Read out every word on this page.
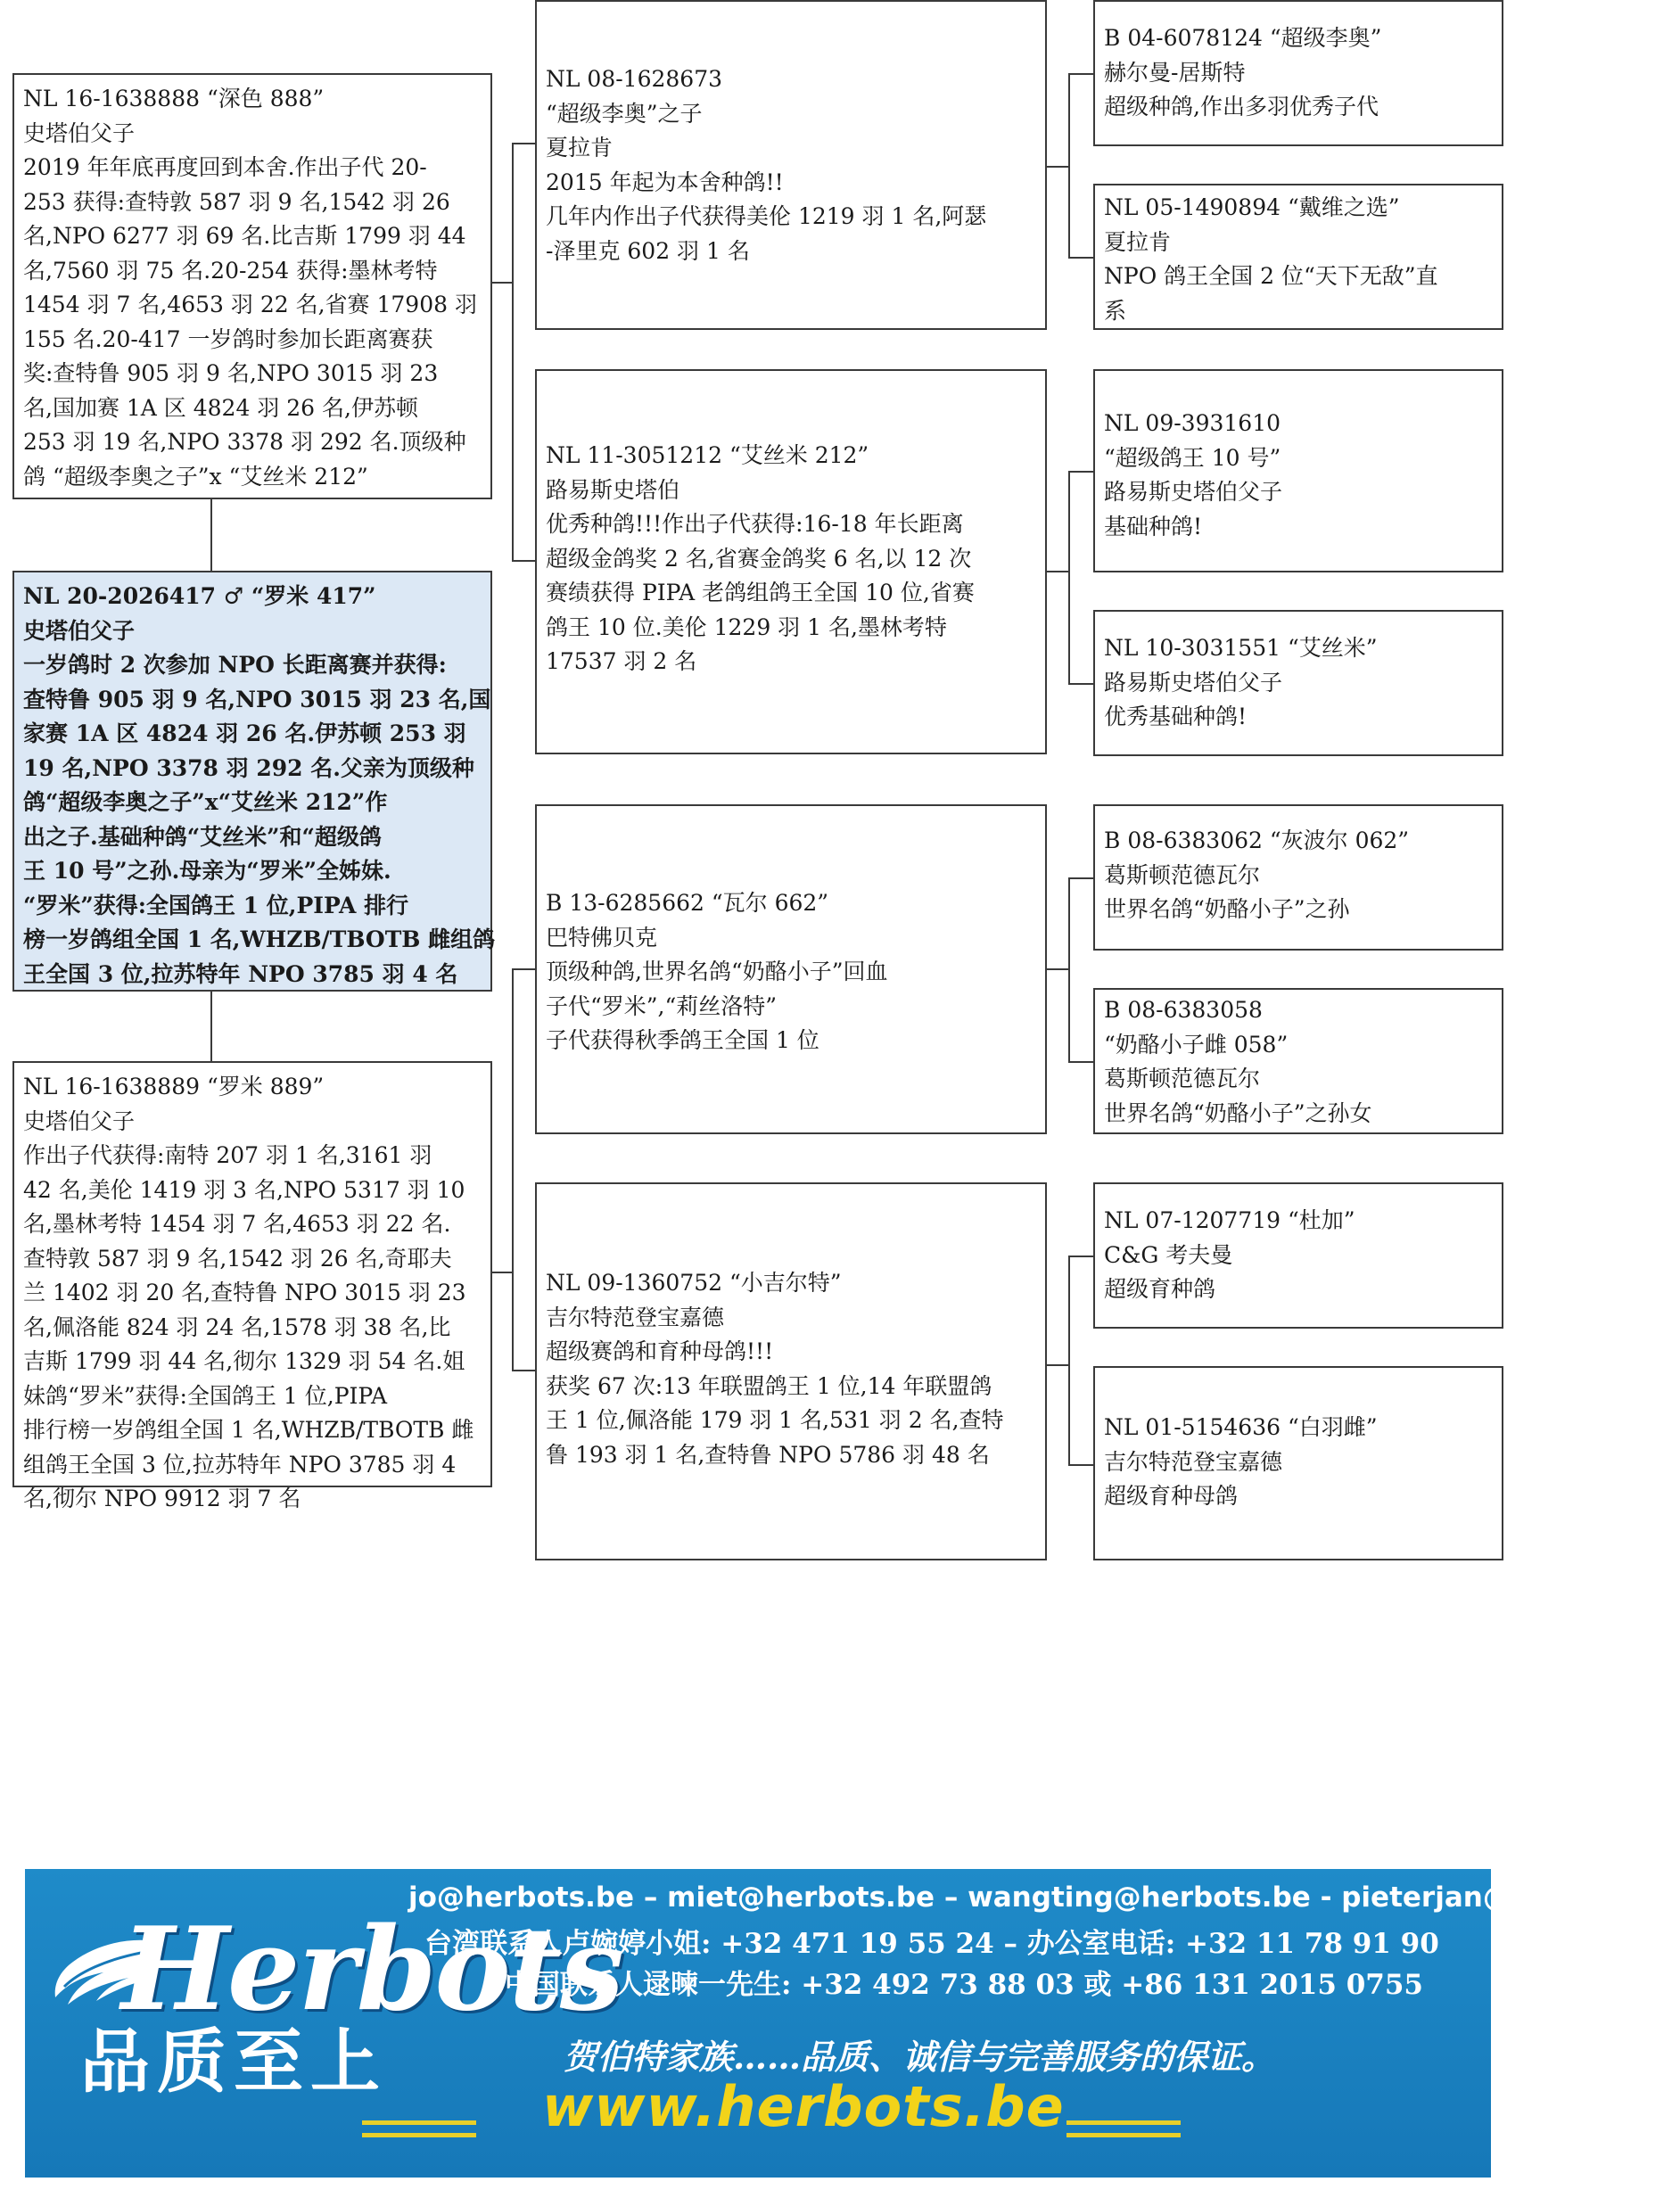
NL 16-1638888 “深色 888”
史塔伯父子
2019 年年底再度回到本舍.作出子代 20-
253 获得:查特敦 587 羽 9 名,1542 羽 26
名,NPO 6277 羽 69 名.比吉斯 1799 羽 44
名,7560 羽 75 名.20-254 获得:墨林考特
1454 羽 7 名,4653 羽 22 名,省赛 17908 羽
155 名.20-417 一岁鸽时参加长距离赛获
奖:查特鲁 905 羽 9 名,NPO 3015 羽 23
名,国加赛 1A 区 4824 羽 26 名,伊苏顿
253 羽 19 名,NPO 3378 羽 292 名.顶级种
鸽 “超级李奥之子”x “艾丝米 212”
NL 20-2026417 ♂ “罗米 417”
史塔伯父子
一岁鸽时 2 次参加 NPO 长距离赛并获得:
查特鲁 905 羽 9 名,NPO 3015 羽 23 名,国
家赛 1A 区 4824 羽 26 名.伊苏顿 253 羽
19 名,NPO 3378 羽 292 名.父亲为顶级种
鸽“超级李奥之子”x“艾丝米 212”作
出之子.基础种鸽“艾丝米”和“超级鸽
王 10 号”之孙.母亲为“罗米”全姊妹.
“罗米”获得:全国鸽王 1 位,PIPA 排行
榜一岁鸽组全国 1 名,WHZB/TBOTB 雌组鸽
王全国 3 位,拉苏特年 NPO 3785 羽 4 名
NL 16-1638889 “罗米 889”
史塔伯父子
作出子代获得:南特 207 羽 1 名,3161 羽
42 名,美伦 1419 羽 3 名,NPO 5317 羽 10
名,墨林考特 1454 羽 7 名,4653 羽 22 名.
查特敦 587 羽 9 名,1542 羽 26 名,奇耶夫
兰 1402 羽 20 名,查特鲁 NPO 3015 羽 23
名,佩洛能 824 羽 24 名,1578 羽 38 名,比
吉斯 1799 羽 44 名,彻尔 1329 羽 54 名.姐
妹鸽“罗米”获得:全国鸽王 1 位,PIPA
排行榜一岁鸽组全国 1 名,WHZB/TBOTB 雌
组鸽王全国 3 位,拉苏特年 NPO 3785 羽 4
名,彻尔 NPO 9912 羽 7 名
NL 08-1628673
“超级李奥”之子
夏拉肯
2015 年起为本舍种鸽!!
几年内作出子代获得美伦 1219 羽 1 名,阿瑟
-泽里克 602 羽 1 名
NL 11-3051212 “艾丝米 212”
路易斯史塔伯
优秀种鸽!!!作出子代获得:16-18 年长距离
超级金鸽奖 2 名,省赛金鸽奖 6 名,以 12 次
赛绩获得 PIPA 老鸽组鸽王全国 10 位,省赛
鸽王 10 位.美伦 1229 羽 1 名,墨林考特
17537 羽 2 名
B 13-6285662 “瓦尔 662”
巴特佛贝克
顶级种鸽,世界名鸽“奶酪小子”回血
子代“罗米”,“莉丝洛特”
子代获得秋季鸽王全国 1 位
NL 09-1360752 “小吉尔特”
吉尔特范登宝嘉德
超级赛鸽和育种母鸽!!!
获奖 67 次:13 年联盟鸽王 1 位,14 年联盟鸽
王 1 位,佩洛能 179 羽 1 名,531 羽 2 名,查特
鲁 193 羽 1 名,查特鲁 NPO 5786 羽 48 名
B 04-6078124 “超级李奥”
赫尔曼-居斯特
超级种鸽,作出多羽优秀子代
NL 05-1490894 “戴维之选”
夏拉肯
NPO 鸽王全国 2 位“天下无敌”直
系
NL 09-3931610
“超级鸽王 10 号”
路易斯史塔伯父子
基础种鸽!
NL 10-3031551 “艾丝米”
路易斯史塔伯父子
优秀基础种鸽!
B 08-6383062 “灰波尔 062”
葛斯顿范德瓦尔
世界名鸽“奶酪小子”之孙
B 08-6383058
“奶酪小子雌 058”
葛斯顿范德瓦尔
世界名鸽“奶酪小子”之孙女
NL 07-1207719 “杜加”
C&G 考夫曼
超级育种鸽
NL 01-5154636 “白羽雌”
吉尔特范登宝嘉德
超级育种母鸽
Herbots
品质至上
jo@herbots.be – miet@herbots.be – wangting@herbots.be - pieterjan@herbots.be
台湾联系人卢婉婷小姐: +32 471 19 55 24 – 办公室电话: +32 11 78 91 90
中国联系人逯暕一先生: +32 492 73 88 03 或 +86 131 2015 0755
贺伯特家族……品质、诚信与完善服务的保证。
www.herbots.be
